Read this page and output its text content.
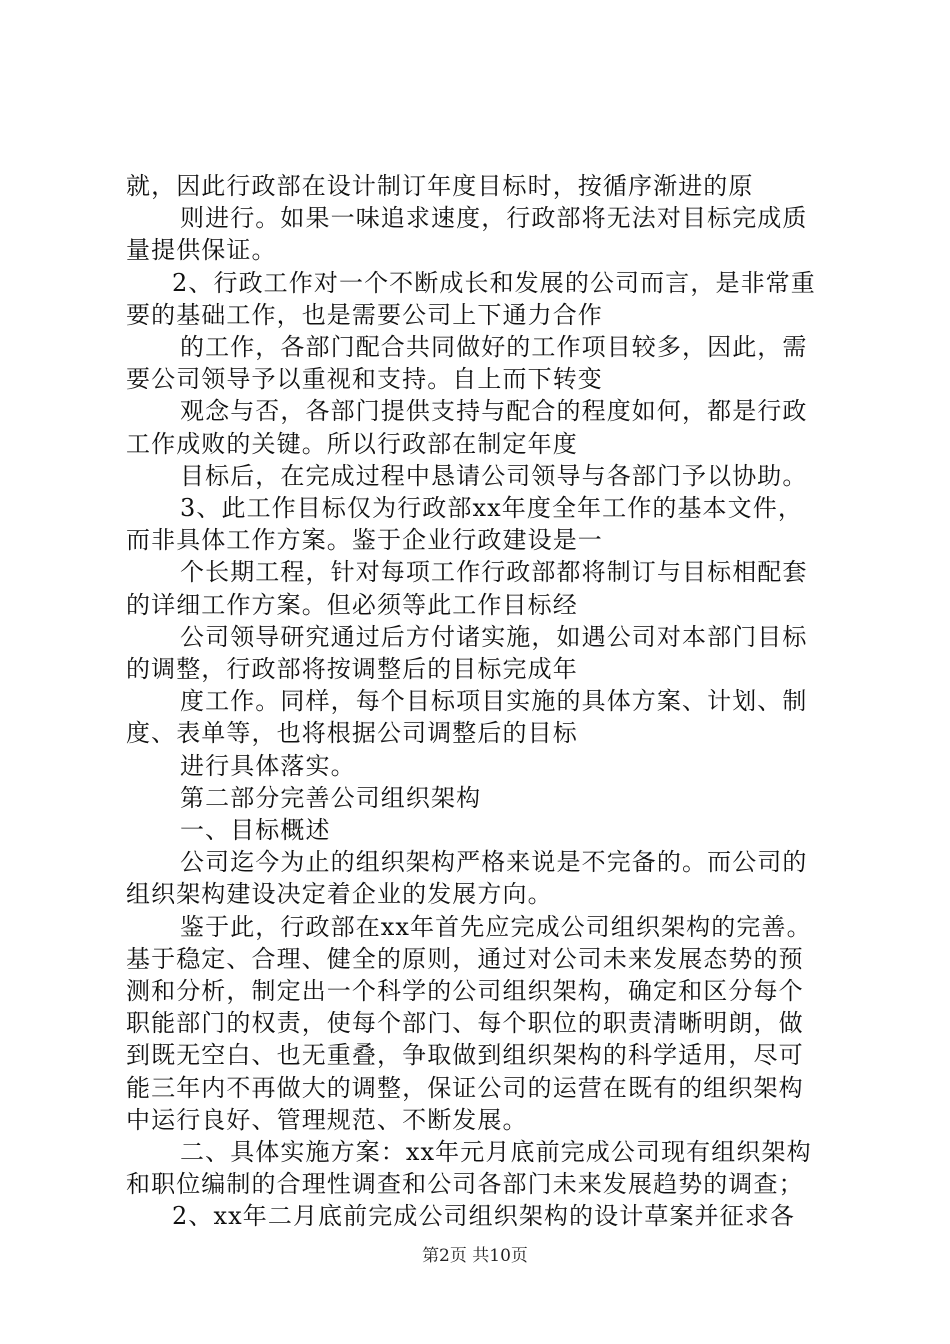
就，因此行政部在设计制订年度目标时，按循序渐进的原
则进行。如果一味追求速度，行政部将无法对目标完成质
量提供保证。
2、行政工作对一个不断成长和发展的公司而言，是非常重
要的基础工作，也是需要公司上下通力合作
的工作，各部门配合共同做好的工作项目较多，因此，需
要公司领导予以重视和支持。自上而下转变
观念与否，各部门提供支持与配合的程度如何，都是行政
工作成败的关键。所以行政部在制定年度
目标后，在完成过程中恳请公司领导与各部门予以协助。
3、此工作目标仅为行政部xx年度全年工作的基本文件，
而非具体工作方案。鉴于企业行政建设是一
个长期工程，针对每项工作行政部都将制订与目标相配套
的详细工作方案。但必须等此工作目标经
公司领导研究通过后方付诸实施，如遇公司对本部门目标
的调整，行政部将按调整后的目标完成年
度工作。同样，每个目标项目实施的具体方案、计划、制
度、表单等，也将根据公司调整后的目标
进行具体落实。
第二部分完善公司组织架构
一、目标概述
公司迄今为止的组织架构严格来说是不完备的。而公司的
组织架构建设决定着企业的发展方向。
鉴于此，行政部在xx年首先应完成公司组织架构的完善。
基于稳定、合理、健全的原则，通过对公司未来发展态势的预
测和分析，制定出一个科学的公司组织架构，确定和区分每个
职能部门的权责，使每个部门、每个职位的职责清晰明朗，做
到既无空白、也无重叠，争取做到组织架构的科学适用，尽可
能三年内不再做大的调整，保证公司的运营在既有的组织架构
中运行良好、管理规范、不断发展。
二、具体实施方案：xx年元月底前完成公司现有组织架构
和职位编制的合理性调查和公司各部门未来发展趋势的调查；
2、xx年二月底前完成公司组织架构的设计草案并征求各
第2页 共10页
